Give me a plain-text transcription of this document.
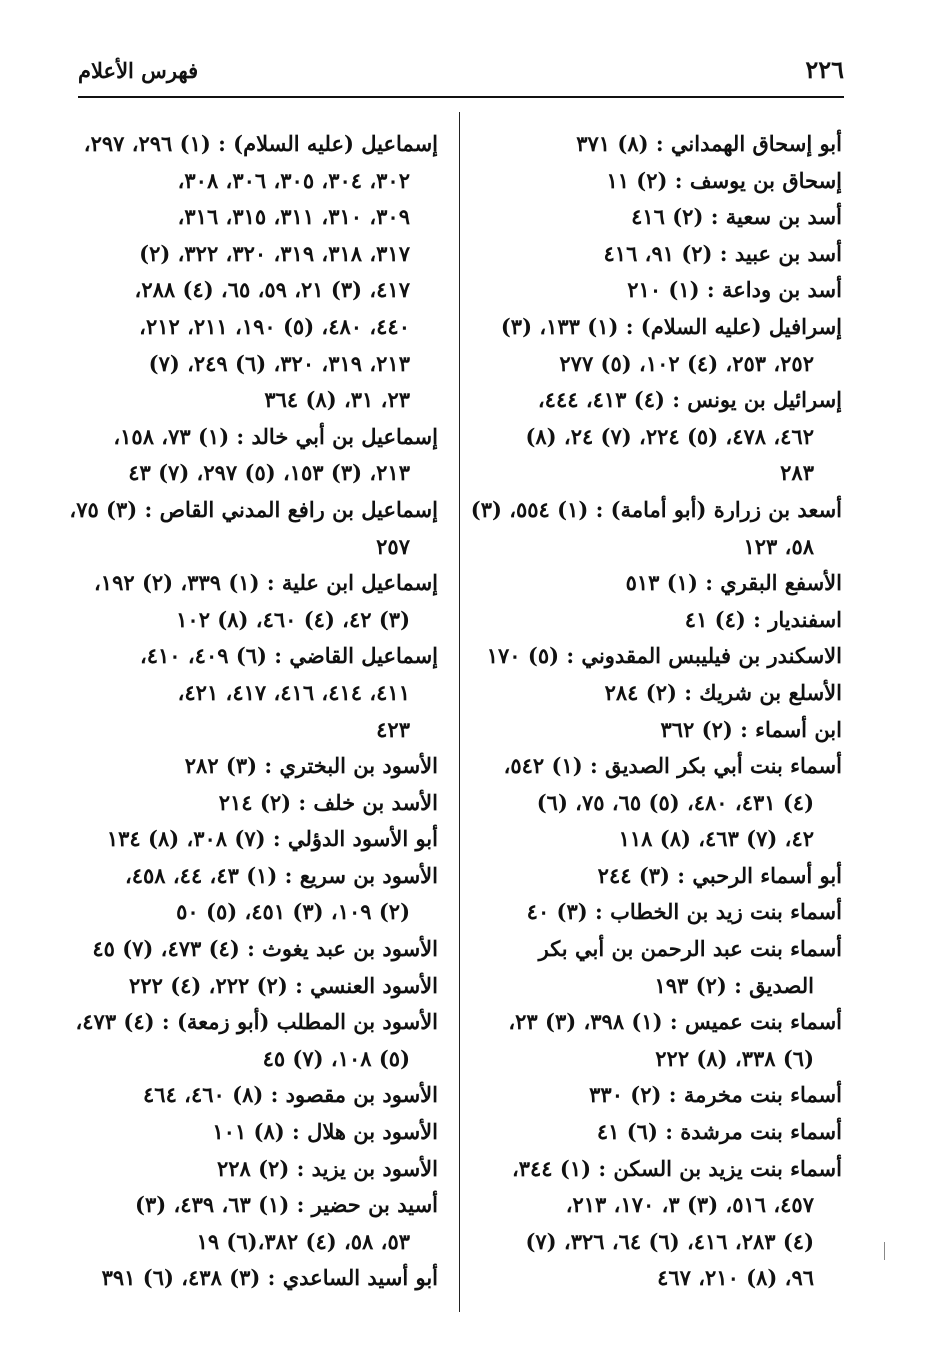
فهرس الأعلام	٢٢٦
أبو إسحاق الهمداني : (٨) ٣٧١
إسحاق بن يوسف : (٢) ١١
أسد بن سعية : (٢) ٤١٦
أسد بن عبيد : (٢) ٩١، ٤١٦
أسد بن وداعة : (١) ٢١٠
إسرافيل (عليه السلام) : (١) ١٣٣، (٣)
٢٥٢، ٢٥٣، (٤) ١٠٢، (٥) ٢٧٧
إسرائيل بن يونس : (٤) ٤١٣، ٤٤٤،
٤٦٢، ٤٧٨، (٥) ٢٢٤، (٧) ٢٤، (٨)
٢٨٣
أسعد بن زرارة (أبو أمامة) : (١) ٥٥٤، (٣)
٥٨، ١٢٣
الأسفع البقري : (١) ٥١٣
اسفنديار : (٤) ٤١
الاسكندر بن فيليبس المقدوني : (٥) ١٧٠
الأسلع بن شريك : (٢) ٢٨٤
ابن أسماء : (٢) ٣٦٢
أسماء بنت أبي بكر الصديق : (١) ٥٤٢،
(٤) ٤٣١، ٤٨٠، (٥) ٦٥، ٧٥، (٦)
٤٢، (٧) ٤٦٣، (٨) ١١٨
أبو أسماء الرحبي : (٣) ٢٤٤
أسماء بنت زيد بن الخطاب : (٣) ٤٠
أسماء بنت عبد الرحمن بن أبي بكر
الصديق : (٢) ١٩٣
أسماء بنت عميس : (١) ٣٩٨، (٣) ٢٣،
(٦) ٣٣٨، (٨) ٢٢٢
أسماء بنت مخرمة : (٢) ٣٣٠
أسماء بنت مرشدة : (٦) ٤١
أسماء بنت يزيد بن السكن : (١) ٣٤٤،
٤٥٧، ٥١٦، (٣) ٣، ١٧٠، ٢١٣،
(٤) ٢٨٣، ٤١٦، (٦) ٦٤، ٣٢٦، (٧)
٩٦، (٨) ٢١٠، ٤٦٧
إسماعيل (عليه السلام) : (١) ٢٩٦، ٢٩٧،
٣٠٢، ٣٠٤، ٣٠٥، ٣٠٦، ٣٠٨،
٣٠٩، ٣١٠، ٣١١، ٣١٥، ٣١٦،
٣١٧، ٣١٨، ٣١٩، ٣٢٠، ٣٢٢، (٢)
٤١٧، (٣) ٢١، ٥٩، ٦٥، (٤) ٢٨٨،
٤٤٠، ٤٨٠، (٥) ١٩٠، ٢١١، ٢١٢،
٢١٣، ٣١٩، ٣٢٠، (٦) ٢٤٩، (٧)
٢٣، ٣١، (٨) ٣٦٤
إسماعيل بن أبي خالد : (١) ٧٣، ١٥٨،
٢١٣، (٣) ١٥٣، (٥) ٢٩٧، (٧) ٤٣
إسماعيل بن رافع المدني القاص : (٣) ٧٥،
٢٥٧
إسماعيل ابن علية : (١) ٣٣٩، (٢) ١٩٢،
(٣) ٤٢، (٤) ٤٦٠، (٨) ١٠٢
إسماعيل القاضي : (٦) ٤٠٩، ٤١٠،
٤١١، ٤١٤، ٤١٦، ٤١٧، ٤٢١،
٤٢٣
الأسود بن البختري : (٣) ٢٨٢
الأسد بن خلف : (٢) ٢١٤
أبو الأسود الدؤلي : (٧) ٣٠٨، (٨) ١٣٤
الأسود بن سريع : (١) ٤٣، ٤٤، ٤٥٨،
(٢) ١٠٩، (٣) ٤٥١، (٥) ٥٠
الأسود بن عبد يغوث : (٤) ٤٧٣، (٧) ٤٥
الأسود العنسي : (٢) ٢٢٢، (٤) ٢٢٢
الأسود بن المطلب (أبو زمعة) : (٤) ٤٧٣،
(٥) ١٠٨، (٧) ٤٥
الأسود بن مقصود : (٨) ٤٦٠، ٤٦٤
الأسود بن هلال : (٨) ١٠١
الأسود بن يزيد : (٢) ٢٢٨
أسيد بن حضير : (١) ٦٣، ٤٣٩، (٣)
٥٣، ٥٨، (٤) ٣٨٢،(٦) ١٩
أبو أسيد الساعدي : (٣) ٤٣٨، (٦) ٣٩١
